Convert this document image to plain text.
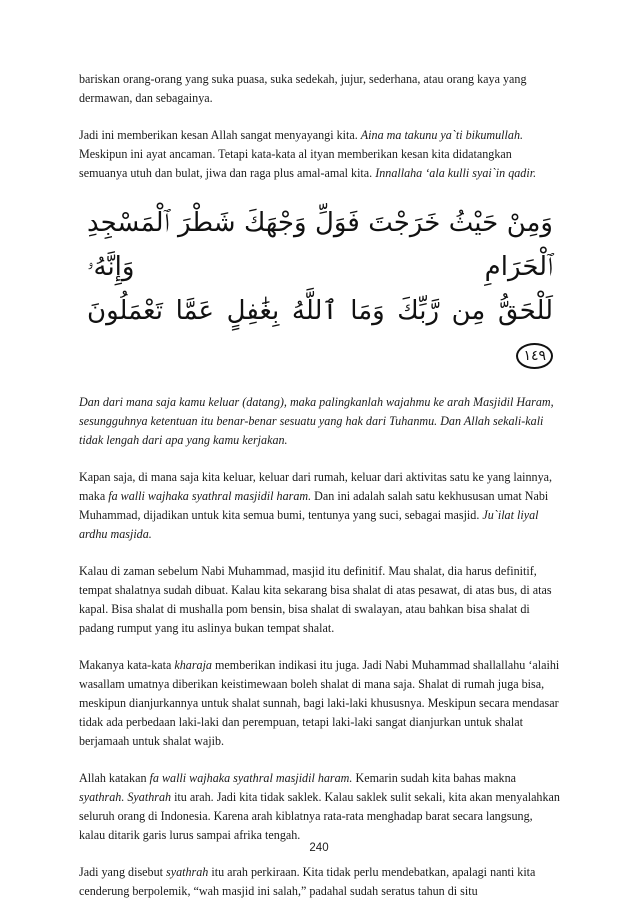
bariskan orang-orang yang suka puasa, suka sedekah, jujur, sederhana, atau orang kaya yang dermawan, dan sebagainya.

Jadi ini memberikan kesan Allah sangat menyayangi kita. Aina ma takunu ya`ti bikumullah. Meskipun ini ayat ancaman. Tetapi kata-kata al ityan memberikan kesan kita didatangkan semuanya utuh dan bulat, jiwa dan raga plus amal-amal kita. Innallaha ‘ala kulli syai`in qadir.

وَمِنْ حَيْثُ خَرَجْتَ فَوَلِّ وَجْهَكَ شَطْرَ ٱلْمَسْجِدِ ٱلْحَرَامِ وَإِنَّهُۥ
لَلْحَقُّ مِن رَّبِّكَ وَمَا ٱللَّهُ بِغَٰفِلٍ عَمَّا تَعْمَلُونَ ١٤٩

Dan dari mana saja kamu keluar (datang), maka palingkanlah wajahmu ke arah Masjidil Haram, sesungguhnya ketentuan itu benar-benar sesuatu yang hak dari Tuhanmu. Dan Allah sekali-kali tidak lengah dari apa yang kamu kerjakan.

Kapan saja, di mana saja kita keluar, keluar dari rumah, keluar dari aktivitas satu ke yang lainnya, maka fa walli wajhaka syathral masjidil haram. Dan ini adalah salah satu kekhususan umat Nabi Muhammad, dijadikan untuk kita semua bumi, tentunya yang suci, sebagai masjid. Ju`ilat liyal ardhu masjida.

Kalau di zaman sebelum Nabi Muhammad, masjid itu definitif. Mau shalat, dia harus definitif, tempat shalatnya sudah dibuat. Kalau kita sekarang bisa shalat di atas pesawat, di atas bus, di atas kapal. Bisa shalat di mushalla pom bensin, bisa shalat di swalayan, atau bahkan bisa shalat di padang rumput yang itu aslinya bukan tempat shalat.

Makanya kata-kata kharaja memberikan indikasi itu juga. Jadi Nabi Muhammad shallallahu ‘alaihi wasallam umatnya diberikan keistimewaan boleh shalat di mana saja. Shalat di rumah juga bisa, meskipun dianjurkannya untuk shalat sunnah, bagi laki-laki khususnya. Meskipun secara mendasar tidak ada perbedaan laki-laki dan perempuan, tetapi laki-laki sangat dianjurkan untuk shalat berjamaah untuk shalat wajib.

Allah katakan fa walli wajhaka syathral masjidil haram. Kemarin sudah kita bahas makna syathrah. Syathrah itu arah. Jadi kita tidak saklek. Kalau saklek sulit sekali, kita akan menyalahkan seluruh orang di Indonesia. Karena arah kiblatnya rata-rata menghadap barat secara langsung, kalau ditarik garis lurus sampai afrika tengah.

Jadi yang disebut syathrah itu arah perkiraan. Kita tidak perlu mendebatkan, apalagi nanti kita cenderung berpolemik, “wah masjid ini salah,” padahal sudah seratus tahun di situ

240
